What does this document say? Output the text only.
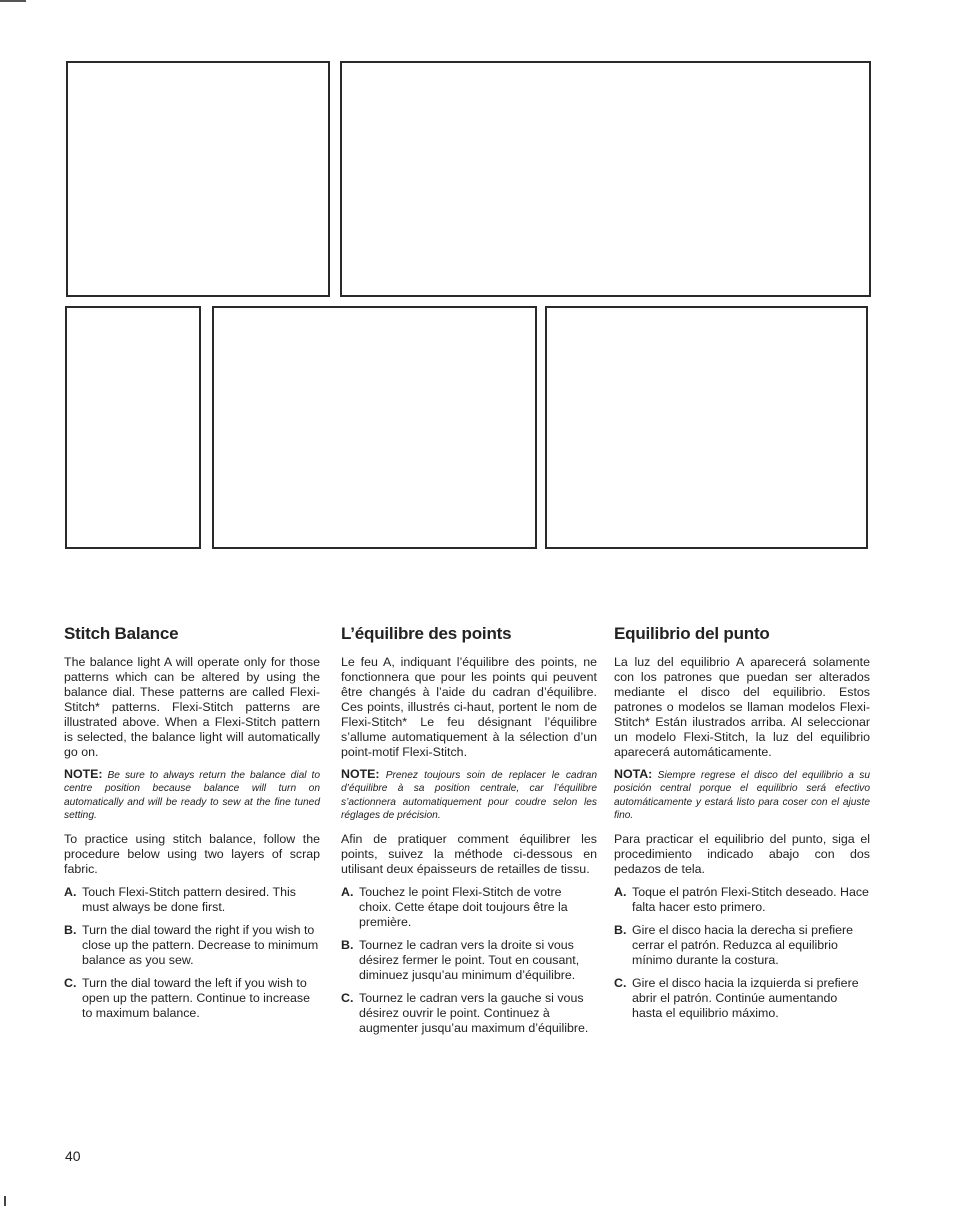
Stitch Balance

The balance light A will operate only for those patterns which can be altered by using the balance dial. These patterns are called Flexi-Stitch* patterns. Flexi-Stitch patterns are illustrated above. When a Flexi-Stitch pattern is selected, the balance light will automatically go on.

NOTE: Be sure to always return the balance dial to centre position because balance will turn on automatically and will be ready to sew at the fine tuned setting.

To practice using stitch balance, follow the procedure below using two layers of scrap fabric.

A. Touch Flexi-Stitch pattern desired. This must always be done first.
B. Turn the dial toward the right if you wish to close up the pattern. Decrease to minimum balance as you sew.
C. Turn the dial toward the left if you wish to open up the pattern. Continue to increase to maximum balance.
L’équilibre des points

Le feu A, indiquant l’équilibre des points, ne fonctionnera que pour les points qui peuvent être changés à l’aide du cadran d’équilibre. Ces points, illustrés ci-haut, portent le nom de Flexi-Stitch* Le feu désignant l’équilibre s’allume automatiquement à la sélection d’un point-motif Flexi-Stitch.

NOTE: Prenez toujours soin de replacer le cadran d’équilibre à sa position centrale, car l’équilibre s’actionnera automatiquement pour coudre selon les réglages de précision.

Afin de pratiquer comment équilibrer les points, suivez la méthode ci-dessous en utilisant deux épaisseurs de retailles de tissu.

A. Touchez le point Flexi-Stitch de votre choix. Cette étape doit toujours être la première.
B. Tournez le cadran vers la droite si vous désirez fermer le point. Tout en cousant, diminuez jusqu’au minimum d’équilibre.
C. Tournez le cadran vers la gauche si vous désirez ouvrir le point. Continuez à augmenter jusqu’au maximum d’équilibre.
Equilibrio del punto

La luz del equilibrio A aparecerá solamente con los patrones que puedan ser alterados mediante el disco del equilibrio. Estos patrones o modelos se llaman modelos Flexi-Stitch* Están ilustrados arriba. Al seleccionar un modelo Flexi-Stitch, la luz del equilibrio aparecerá automáticamente.

NOTA: Siempre regrese el disco del equilibrio a su posición central porque el equilibrio será efectivo automáticamente y estará listo para coser con el ajuste fino.

Para practicar el equilibrio del punto, siga el procedimiento indicado abajo con dos pedazos de tela.

A. Toque el patrón Flexi-Stitch deseado. Hace falta hacer esto primero.
B. Gire el disco hacia la derecha si prefiere cerrar el patrón. Reduzca al equilibrio mínimo durante la costura.
C. Gire el disco hacia la izquierda si prefiere abrir el patrón. Continúe aumentando hasta el equilibrio máximo.
40
